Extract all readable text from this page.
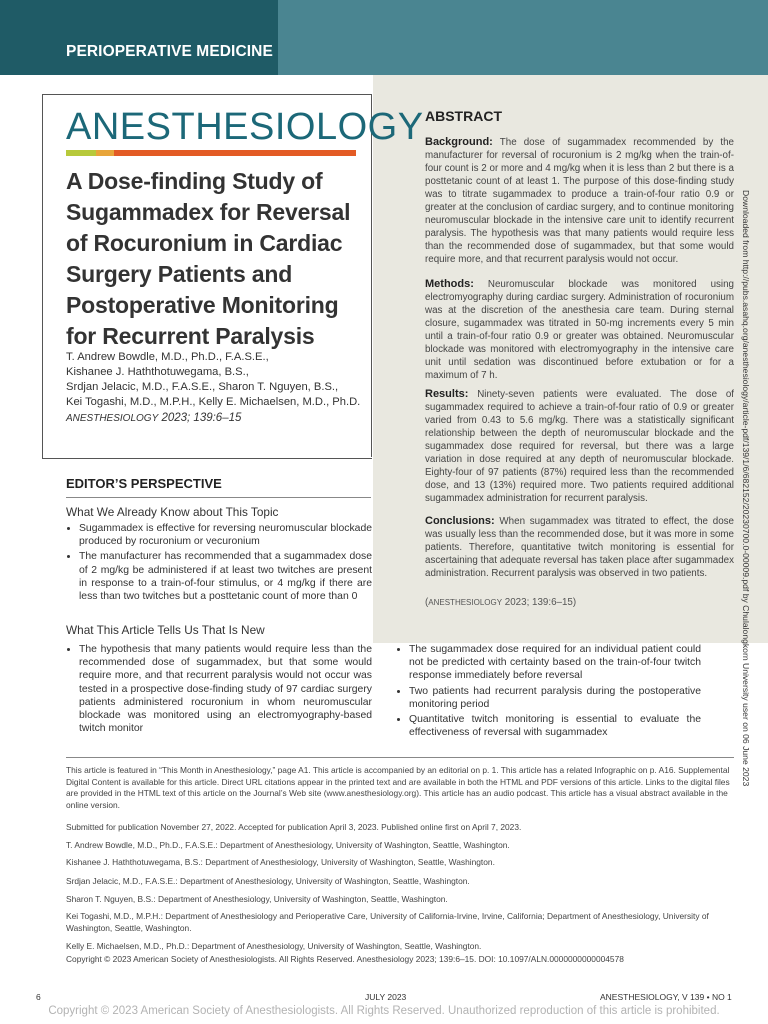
PERIOPERATIVE MEDICINE
ANESTHESIOLOGY
A Dose-finding Study of Sugammadex for Reversal of Rocuronium in Cardiac Surgery Patients and Postoperative Monitoring for Recurrent Paralysis
T. Andrew Bowdle, M.D., Ph.D., F.A.S.E.,
Kishanee J. Haththotuwegama, B.S.,
Srdjan Jelacic, M.D., F.A.S.E., Sharon T. Nguyen, B.S.,
Kei Togashi, M.D., M.P.H., Kelly E. Michaelsen, M.D., Ph.D.
ANESTHESIOLOGY 2023; 139:6–15
EDITOR’S PERSPECTIVE
What We Already Know about This Topic
• Sugammadex is effective for reversing neuromuscular blockade produced by rocuronium or vecuronium
• The manufacturer has recommended that a sugammadex dose of 2 mg/kg be administered if at least two twitches are present in response to a train-of-four stimulus, or 4 mg/kg if there are less than two twitches but a posttetanic count of more than 0
What This Article Tells Us That Is New
• The hypothesis that many patients would require less than the recommended dose of sugammadex, but that some would require more, and that recurrent paralysis would not occur was tested in a prospective dose-finding study of 97 cardiac surgery patients administered rocuronium in whom neuromuscular blockade was monitored using an electromyography-based twitch monitor
• The sugammadex dose required for an individual patient could not be predicted with certainty based on the train-of-four twitch response immediately before reversal
• Two patients had recurrent paralysis during the postoperative monitoring period
• Quantitative twitch monitoring is essential to evaluate the effectiveness of reversal with sugammadex
ABSTRACT
Background: The dose of sugammadex recommended by the manufacturer for reversal of rocuronium is 2 mg/kg when the train-of-four count is 2 or more and 4 mg/kg when it is less than 2 but there is a posttetanic count of at least 1. The purpose of this dose-finding study was to titrate sugammadex to produce a train-of-four ratio 0.9 or greater at the conclusion of cardiac surgery, and to continue monitoring neuromuscular blockade in the intensive care unit to identify recurrent paralysis. The hypothesis was that many patients would require less than the recommended dose of sugammadex, but that some would require more, and that recurrent paralysis would not occur.
Methods: Neuromuscular blockade was monitored using electromyography during cardiac surgery. Administration of rocuronium was at the discretion of the anesthesia care team. During sternal closure, sugammadex was titrated in 50-mg increments every 5 min until a train-of-four ratio 0.9 or greater was obtained. Neuromuscular blockade was monitored with electromyography in the intensive care unit until sedation was discontinued before extubation or for a maximum of 7 h.
Results: Ninety-seven patients were evaluated. The dose of sugammadex required to achieve a train-of-four ratio of 0.9 or greater varied from 0.43 to 5.6 mg/kg. There was a statistically significant relationship between the depth of neuromuscular blockade and the sugammadex dose required for reversal, but there was a large variation in dose required at any depth of neuromuscular blockade. Eighty-four of 97 patients (87%) required less than the recommended dose, and 13 (13%) required more. Two patients required additional sugammadex administration for recurrent paralysis.
Conclusions: When sugammadex was titrated to effect, the dose was usually less than the recommended dose, but it was more in some patients. Therefore, quantitative twitch monitoring is essential for ascertaining that adequate reversal has taken place after sugammadex administration. Recurrent paralysis was observed in two patients.
(ANESTHESIOLOGY 2023; 139:6–15)
This article is featured in “This Month in Anesthesiology,” page A1. This article is accompanied by an editorial on p. 1. This article has a related Infographic on p. A16. Supplemental Digital Content is available for this article. Direct URL citations appear in the printed text and are available in both the HTML and PDF versions of this article. Links to the digital files are provided in the HTML text of this article on the Journal’s Web site (www.anesthesiology.org). This article has an audio podcast. This article has a visual abstract available in the online version.
Submitted for publication November 27, 2022. Accepted for publication April 3, 2023. Published online first on April 7, 2023.
T. Andrew Bowdle, M.D., Ph.D., F.A.S.E.: Department of Anesthesiology, University of Washington, Seattle, Washington.
Kishanee J. Haththotuwegama, B.S.: Department of Anesthesiology, University of Washington, Seattle, Washington.
Srdjan Jelacic, M.D., F.A.S.E.: Department of Anesthesiology, University of Washington, Seattle, Washington.
Sharon T. Nguyen, B.S.: Department of Anesthesiology, University of Washington, Seattle, Washington.
Kei Togashi, M.D., M.P.H.: Department of Anesthesiology and Perioperative Care, University of California-Irvine, Irvine, California; Department of Anesthesiology, University of Washington, Seattle, Washington.
Kelly E. Michaelsen, M.D., Ph.D.: Department of Anesthesiology, University of Washington, Seattle, Washington.
Copyright © 2023 American Society of Anesthesiologists. All Rights Reserved. Anesthesiology 2023; 139:6–15. DOI: 10.1097/ALN.0000000000004578
6	JULY 2023	ANESTHESIOLOGY, V 139 • NO 1
Copyright © 2023 American Society of Anesthesiologists. All Rights Reserved. Unauthorized reproduction of this article is prohibited.
Downloaded from http://pubs.asahq.org/anesthesiology/article-pdf/139/1/6/682152/20230700.0-00009.pdf by Chulalongkorn University user on 06 June 2023
